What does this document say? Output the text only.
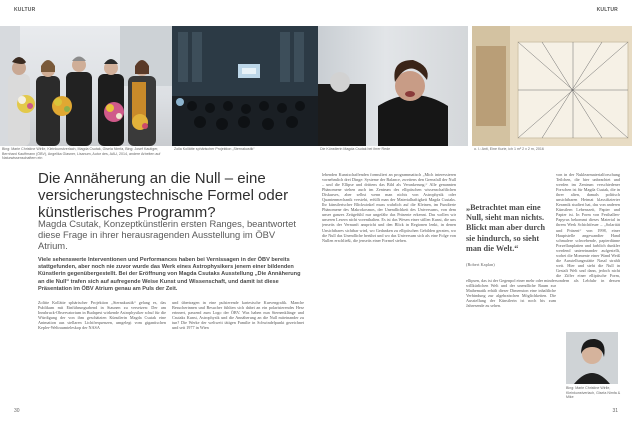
KULTUR	KULTUR
Bing: Marie Christine Wirlle, Kleinkunstverlach, Magda Csutak, Gisela Nimfa, Bing: Josef Kautiger, Bernhard Kauffmann (ÖBV), Angelika Glasner, Lisanum, Autor des, AAU, 2014, andere Arbeiten auf Naturwissenschaftern ein
Zolla Kollätte sphärischer Projektion „Sternakustik“	Die Künstlerin Magda Csutak bei ihrer Rede	o. l.: Anti, Eine Kurie, ich 1 m² 2 x 2 m, 2016
Die Annäherung an die Null – eine versicherungstechnische Formel oder künstlerisches Programm?
Magda Csutak, Konzeptkünstlerin ersten Ranges, beantwortet diese Frage in ihrer herausragenden Ausstellung im ÖBV Atrium.
Viele sehenswerte Interventionen und Performances haben bei Vernissagen in der ÖBV bereits stattgefunden, aber noch nie zuvor wurde das Werk eines Astrophysikers jenem einer bildenden Künstlerin gegenübergestellt. Bei der Eröffnung von Magda Csutaks Ausstellung „Die Annäherung an die Null“ trafen sich auf aufregende Weise Kunst und Wissenschaft, und damit ist diese Präsentation im ÖBV Atrium genau am Puls der Zeit.
Zolitte Kollätte sphärischer Projektion „Sternakustik“ gelang es, das Publikum mit Einführungsabend in Staunen zu versetzen: Der am Innsbruck-Observatorium in Budapest wirkende Astrophysiker schuf für die Würdigung der von ihm geschätzten Künstlerin Magda Csutak eine Animation aus stellaren Lichtfrequenzen, umgelegt vom gigantischen Kepler-Weltraumteleskop der NASA
und übertragen in eine pulsierende kartesische Kurvengrafik. Manche Besucherinnen und Besucher fühlten sich dabei an ein polarisierendes Herz erinnert, passend zum Logo der ÖBV. Was haben nun Sternenklänge und Csutaks Kunst, Astrophysik und die Annäherung an die Null miteinander zu tun? Die Werke der weltweit tätigen Familie in Schwindelpunkt gezeichnet und seit 1977 in Wien

lebenden Kunstschaffenden formuliert an programmatisch „Mich interessieren vornehmlich drei Dinge: Systeme der Balance, zweitens den Grenzfall der Null – und die Ellipse und drittens das Bild als Verankerung.“ Alle genannten Phänomene stehen auch im Zentrum des elliptischen wissenschaftlichen Diskurses, aber selbst wenn man nichts von Astrophysik oder Quantenmechanik versteht, erfüllt man der Materialhaftigkeit Magda Csutaks. Ihr künstlerischer Blickwinkel muss wahrlich auf die Kleinen, im Fundierte Phänomene des Makrokosmos, der Unendlichkeit des Universums, von dem unser ganzes Zeitgefühl nur ungefähr das Präsente erkennt. Das wollen wir unseren Lesern nicht vorenthalten. Es ist das Wesen einer stillen Kunst, die uns jenseits der Vernunft anspricht und den Blick in Regionen lenkt, in denen Unsichtbares sichtbar wird, wo Gedanken zu elliptischen Gebilden geraten, wo die Null das Unendliche berührt und wo das Universum sich als eine Folge von Nullen erschließt, die jenseits einer Formel stehen.

„Betrachtet man eine Null, sieht man nichts. Blickt man aber durch sie hindurch, so sieht man die Welt.“
(Robert Kaplan)
von in der Nuklearmaterialforschung Teilchen, die hier unbeachtet und werden im Zentrum verschiedener Forschen ist für Magda Csutak, die in ihrer alten, damals politisch unsichtbaren Heimat klassifizierter Keramik studiert hat, das von anderen Künstlern Lebenszeit, Papier und Papier ist. In Form von Festhallen-Papyrus bekommt dieses Material in ihrem Werk Schichtfeuer – „Solarität und Präsent“ von 1998, einer Hauptstelle angewandter Hand schmalere schwebende, papierdünne Porzellanplatten und farblich dunkler werdend untereinander aufgestellt, wobei die Momente einer Wand Weiß die Ausstellungsstätte Nasal strahlt weit. Hier und steht die Null in Gestalt Welt und dann, jedoch nicht die Ziffer einer elliptische Form, sondern als Lebfuhr in dessen
ellipsen, das ist der Gegenpol einer mehr oder minder willkürlichen Welt und der unendliche Raum zur Mathematik erhält dieser Dimension eine inhaltliche Verbindung zur algebraischen Möglichkeiten. Die Ausstellung der Künstlerin ist noch bis zum Jahresende zu sehen.
Bing: Marie Christine Wirlle, Kleinkunstverlach, Gisela Nimfa & Mike
30	31
